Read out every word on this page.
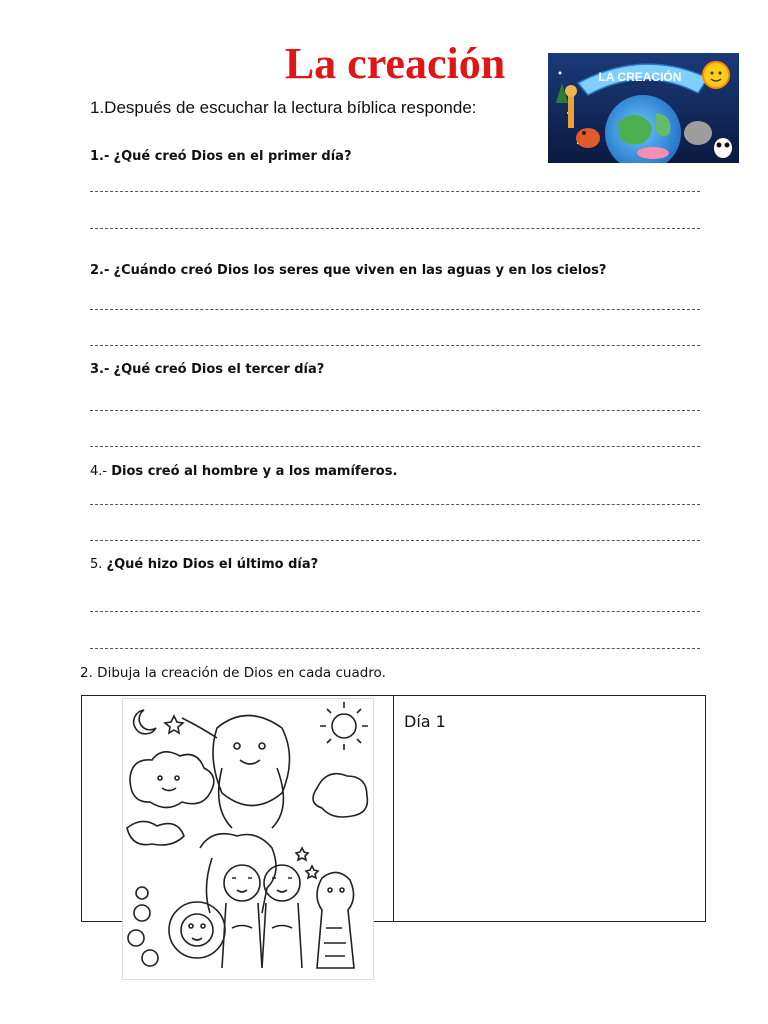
La creación	LA CREACIÓN

1.Después de escuchar la lectura bíblica responde:

1.- ¿Qué creó Dios en el primer día?

2.- ¿Cuándo creó Dios los seres que viven en las aguas y en los cielos?

3.- ¿Qué creó Dios el tercer día?

4.- Dios creó al hombre y a los mamíferos.

5. ¿Qué hizo Dios el último día?

2. Dibuja la creación de Dios en cada cuadro.

Día 1
